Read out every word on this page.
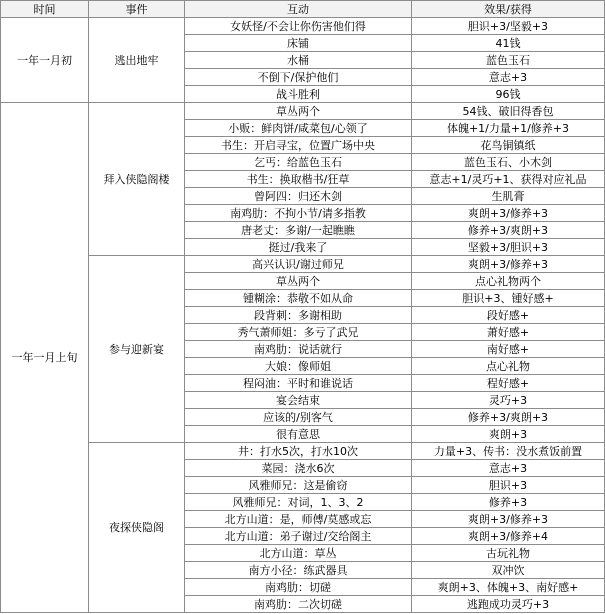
时间	事件	互动	效果/获得
一年一月初	逃出地牢	女妖怪/不会让你伤害他们得	胆识+3/坚毅+3
		床铺	41钱
		水桶	蓝色玉石
		不倒下/保护他们	意志+3
		战斗胜利	96钱
一年一月上旬	拜入侠隐阁楼	草丛两个	54钱、破旧得香包
		小贩：鲜肉饼/咸菜包/心领了	体魄+1/力量+1/修养+3
		书生：开启寻宝，位置广场中央	花鸟铜镇纸
		乞丐：给蓝色玉石	蓝色玉石、小木剑
		书生：换取楷书/狂草	意志+1/灵巧+1、获得对应礼品
		曾阿四：归还木剑	生肌膏
		南鸡肋：不拘小节/请多指教	爽朗+3/修养+3
		唐老丈：多谢/一起瞧瞧	修养+3/爽朗+3
		挺过/我来了	坚毅+3/胆识+3
	参与迎新宴	高兴认识/谢过师兄	爽朗+3/修养+3
		草丛两个	点心礼物两个
		锺糊涂：恭敬不如从命	胆识+3、锺好感+
		段背刺：多谢相助	段好感+
		秀气萧师姐：多亏了武兄	萧好感+
		南鸡肋：说话就行	南好感+
		大娘：像师姐	点心礼物
		程闷油：平时和谁说话	程好感+
		宴会结束	灵巧+3
		应该的/别客气	修养+3/爽朗+3
		很有意思	爽朗+3
	夜探侠隐阁	井：打水5次，打水10次	力量+3、传书：没水煮饭前置
		菜园：浇水6次	意志+3
		风雅师兄：这是偷窃	胆识+3
		风雅师兄：对词，1、3、2	修养+3
		北方山道：是，师傅/莫感或忘	爽朗+3/修养+3
		北方山道：弟子谢过/交给阁主	爽朗+3/修养+4
		北方山道：草丛	古玩礼物
		南方小径：练武器具	双冲饮
		南鸡肋：切磋	爽朗+3、体魄+3、南好感+
		南鸡肋：二次切磋	逃跑成功灵巧+3
